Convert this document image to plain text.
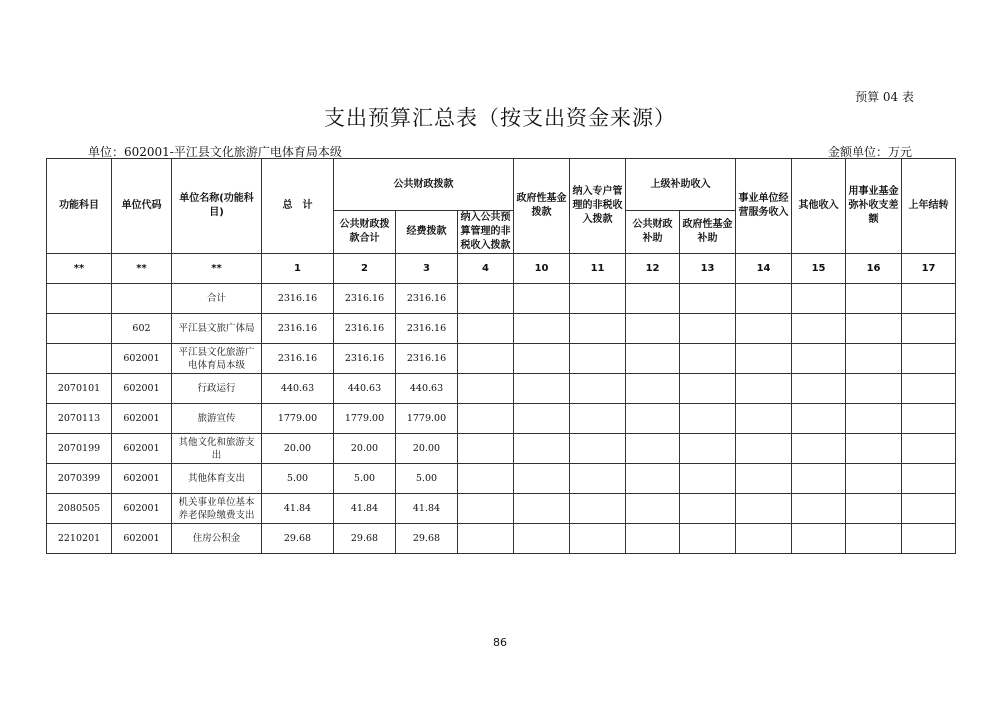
预算 04 表
支出预算汇总表（按支出资金来源）
单位：602001-平江县文化旅游广电体育局本级	金额单位：万元
功能科目	单位代码	单位名称(功能科目)	总　计	公共财政拨款			政府性基金拨款	纳入专户管理的非税收入拨款	上级补助收入		事业单位经营服务收入	其他收入	用事业基金弥补收支差额	上年结转
				公共财政拨款合计	经费拨款	纳入公共预算管理的非税收入拨款			公共财政补助	政府性基金补助				
**	**	**	1	2	3	4	10	11	12	13	14	15	16	17
		合计	2316.16	2316.16	2316.16									
	602	平江县文旅广体局	2316.16	2316.16	2316.16									
	602001	平江县文化旅游广电体育局本级	2316.16	2316.16	2316.16									
2070101	602001	行政运行	440.63	440.63	440.63									
2070113	602001	旅游宣传	1779.00	1779.00	1779.00									
2070199	602001	其他文化和旅游支出	20.00	20.00	20.00									
2070399	602001	其他体育支出	5.00	5.00	5.00									
2080505	602001	机关事业单位基本养老保险缴费支出	41.84	41.84	41.84									
2210201	602001	住房公积金	29.68	29.68	29.68									
86
